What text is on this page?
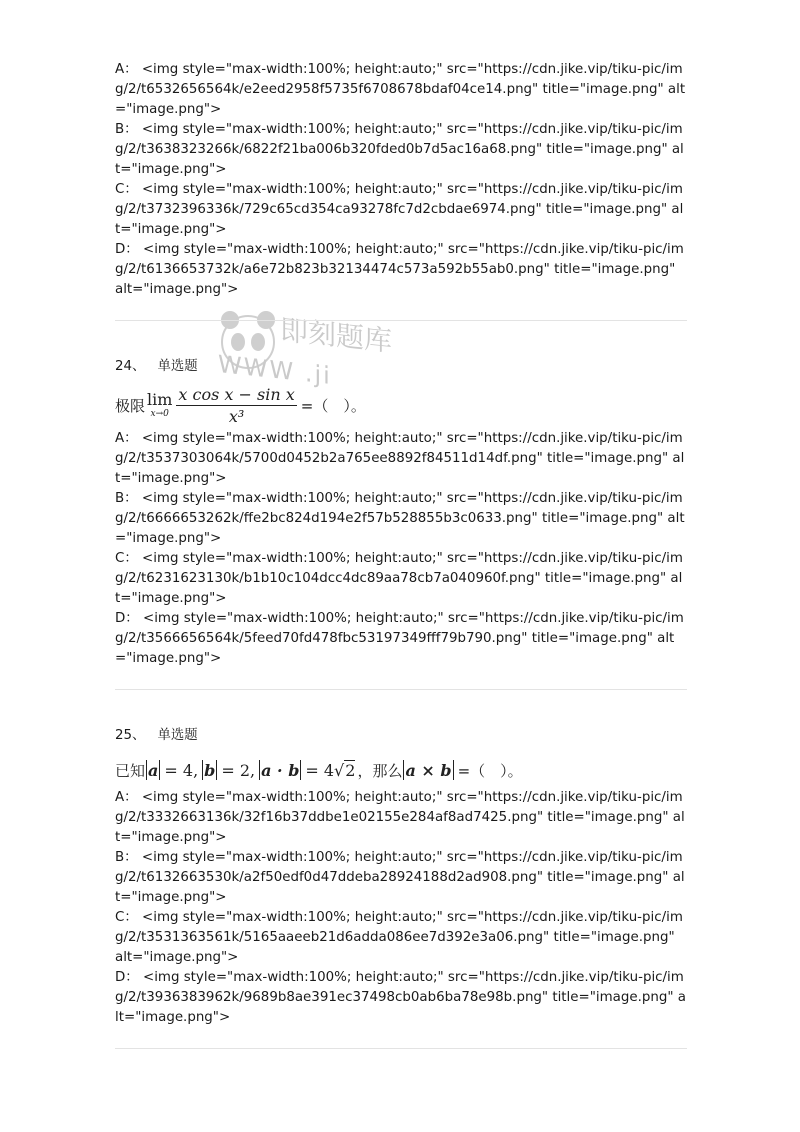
即刻题库
WWW .ji

A： <img style="max-width:100%; height:auto;" src="https://cdn.jike.vip/tiku-pic/img/2/t6532656564k/e2eed2958f5735f6708678bdaf04ce14.png" title="image.png" alt="image.png">

B： <img style="max-width:100%; height:auto;" src="https://cdn.jike.vip/tiku-pic/img/2/t3638323266k/6822f21ba006b320fded0b7d5ac16a68.png" title="image.png" alt="image.png">

C： <img style="max-width:100%; height:auto;" src="https://cdn.jike.vip/tiku-pic/img/2/t3732396336k/729c65cd354ca93278fc7d2cbdae6974.png" title="image.png" alt="image.png">

D： <img style="max-width:100%; height:auto;" src="https://cdn.jike.vip/tiku-pic/img/2/t6136653732k/a6e72b823b32134474c573a592b55ab0.png" title="image.png" alt="image.png">

24、 单选题

极限 lim
$x\to 0 \frac{\text{x cos x − sin x}}{\text{x³}}$ =（　）。

A： <img style="max-width:100%; height:auto;" src="https://cdn.jike.vip/tiku-pic/img/2/t3537303064k/5700d0452b2a765ee8892f84511d14df.png" title="image.png" alt="image.png">

B： <img style="max-width:100%; height:auto;" src="https://cdn.jike.vip/tiku-pic/img/2/t6666653262k/ffe2bc824d194e2f57b528855b3c0633.png" title="image.png" alt="image.png">

C： <img style="max-width:100%; height:auto;" src="https://cdn.jike.vip/tiku-pic/img/2/t6231623130k/b1b10c104dcc4dc89aa78cb7a040960f.png" title="image.png" alt="image.png">

D： <img style="max-width:100%; height:auto;" src="https://cdn.jike.vip/tiku-pic/img/2/t3566656564k/5feed70fd478fbc53197349fff79b790.png" title="image.png" alt="image.png">

25、 单选题

已知 a = 4, b = 2, a · b = 4 √ 2 ，那么 a × b =（　）。

A： <img style="max-width:100%; height:auto;" src="https://cdn.jike.vip/tiku-pic/img/2/t3332663136k/32f16b37ddbe1e02155e284af8ad7425.png" title="image.png" alt="image.png">

B： <img style="max-width:100%; height:auto;" src="https://cdn.jike.vip/tiku-pic/img/2/t6132663530k/a2f50edf0d47ddeba28924188d2ad908.png" title="image.png" alt="image.png">

C： <img style="max-width:100%; height:auto;" src="https://cdn.jike.vip/tiku-pic/img/2/t3531363561k/5165aaeeb21d6adda086ee7d392e3a06.png" title="image.png" alt="image.png">

D： <img style="max-width:100%; height:auto;" src="https://cdn.jike.vip/tiku-pic/img/2/t3936383962k/9689b8ae391ec37498cb0ab6ba78e98b.png" title="image.png" alt="image.png">
